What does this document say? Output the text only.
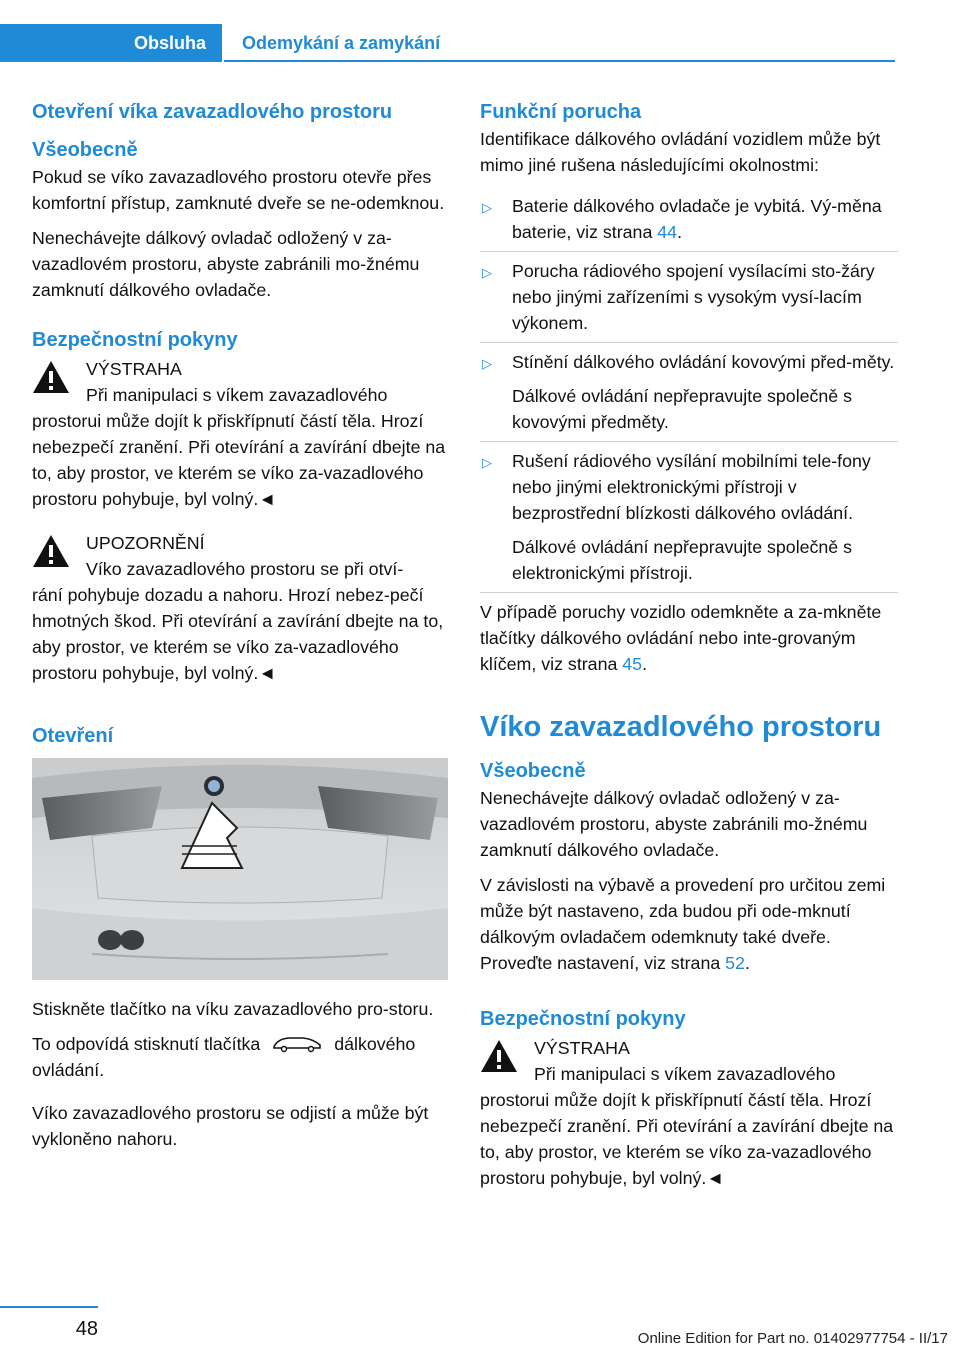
Obsluha	Odemykání a zamykání
Otevření víka zavazadlového prostoru
Všeobecně

Pokud se víko zavazadlového prostoru otevře přes komfortní přístup, zamknuté dveře se ne-odemknou.

Nenechávejte dálkový ovladač odložený v za-vazadlovém prostoru, abyste zabránili mo-žnému zamknutí dálkového ovladače.

Bezpečnostní pokyny
VÝSTRAHA
Při manipulaci s víkem zavazadlového
prostorui může dojít k přiskřípnutí částí těla. Hrozí nebezpečí zranění. Při otevírání a zavírání dbejte na to, aby prostor, ve kterém se víko za-vazadlového prostoru pohybuje, byl volný.◄
UPOZORNĚNÍ
Víko zavazadlového prostoru se při otví-
rání pohybuje dozadu a nahoru. Hrozí nebez-pečí hmotných škod. Při otevírání a zavírání dbejte na to, aby prostor, ve kterém se víko za-vazadlového prostoru pohybuje, byl volný.◄
Otevření

Stiskněte tlačítko na víku zavazadlového pro-storu.

To odpovídá stisknutí tlačítka	dálkového ovládání.

Víko zavazadlového prostoru se odjistí a může být vykloněno nahoru.

Funkční porucha

Identifikace dálkového ovládání vozidlem může být mimo jiné rušena následujícími okolnostmi:

▷ Baterie dálkového ovladače je vybitá. Vý-měna baterie, viz strana 44.
▷ Porucha rádiového spojení vysílacími sto-žáry nebo jinými zařízeními s vysokým vysí-lacím výkonem.
▷ Stínění dálkového ovládání kovovými před-měty.
Dálkové ovládání nepřepravujte společně s kovovými předměty.
▷ Rušení rádiového vysílání mobilními tele-fony nebo jinými elektronickými přístroji v bezprostřední blízkosti dálkového ovládání.
Dálkové ovládání nepřepravujte společně s elektronickými přístroji.

V případě poruchy vozidlo odemkněte a za-mkněte tlačítky dálkového ovládání nebo inte-grovaným klíčem, viz strana 45.

Víko zavazadlového prostoru
Všeobecně

Nenechávejte dálkový ovladač odložený v za-vazadlovém prostoru, abyste zabránili mo-žnému zamknutí dálkového ovladače.

V závislosti na výbavě a provedení pro určitou zemi může být nastaveno, zda budou při ode-mknutí dálkovým ovladačem odemknuty také dveře. Proveďte nastavení, viz strana 52.

Bezpečnostní pokyny
VÝSTRAHA
Při manipulaci s víkem zavazadlového
prostorui může dojít k přiskřípnutí částí těla. Hrozí nebezpečí zranění. Při otevírání a zavírání dbejte na to, aby prostor, ve kterém se víko za-vazadlového prostoru pohybuje, byl volný.◄
48	Online Edition for Part no. 01402977754 - II/17
